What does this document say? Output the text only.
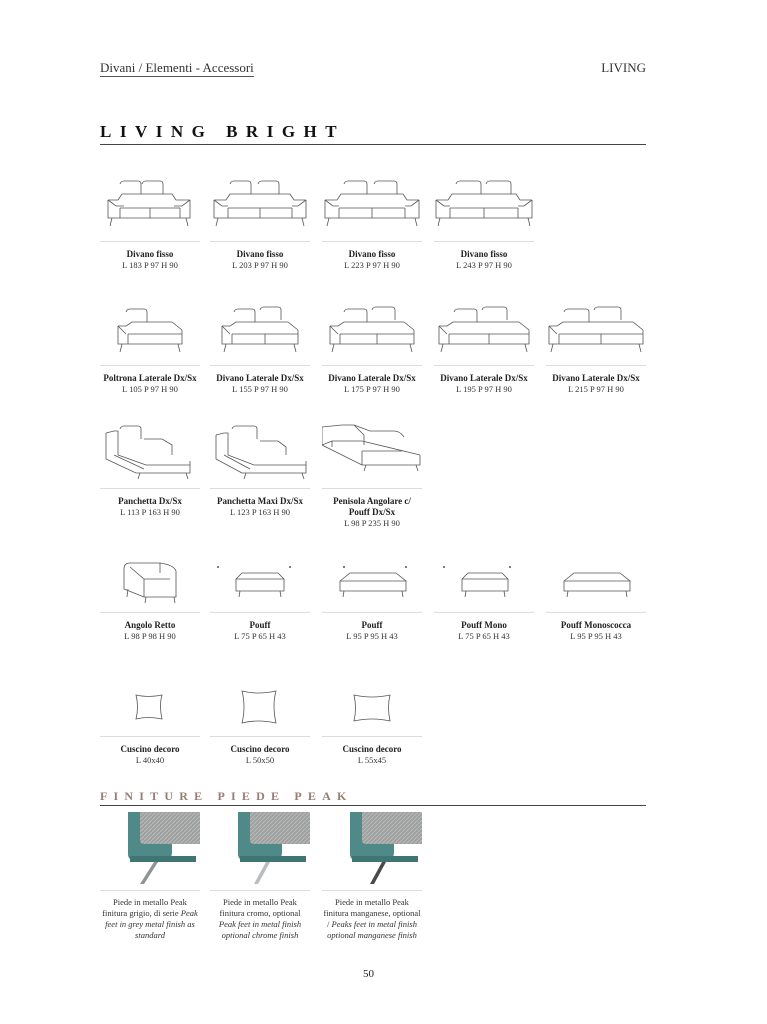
Divani / Elementi - Accessori	LIVING
LIVING BRIGHT
Divano fisso
L 183 P 97 H 90
Divano fisso
L 203 P 97 H 90
Divano fisso
L 223 P 97 H 90
Divano fisso
L 243 P 97 H 90
Poltrona Laterale Dx/Sx
L 105 P 97 H 90
Divano Laterale Dx/Sx
L 155 P 97 H 90
Divano Laterale Dx/Sx
L 175 P 97 H 90
Divano Laterale Dx/Sx
L 195 P 97 H 90
Divano Laterale Dx/Sx
L 215 P 97 H 90
Panchetta Dx/Sx
L 113 P 163 H 90
Panchetta Maxi Dx/Sx
L 123 P 163 H 90
Penisola Angolare c/ Pouff Dx/Sx
L 98 P 235 H 90
Angolo Retto
L 98 P 98 H 90
Pouff
L 75 P 65 H 43
Pouff
L 95 P 95 H 43
Pouff Mono
L 75 P 65 H 43
Pouff Monoscocca
L 95 P 95 H 43
Cuscino decoro
L 40x40
Cuscino decoro
L 50x50
Cuscino decoro
L 55x45
FINITURE PIEDE PEAK
Piede in metallo Peak finitura grigio, di serie Peak feet in grey metal finish as standard
Piede in metallo Peak finitura cromo, optional Peak feet in metal finish optional chrome finish
Piede in metallo Peak finitura manganese, optional / Peaks feet in metal finish optional manganese finish
50
